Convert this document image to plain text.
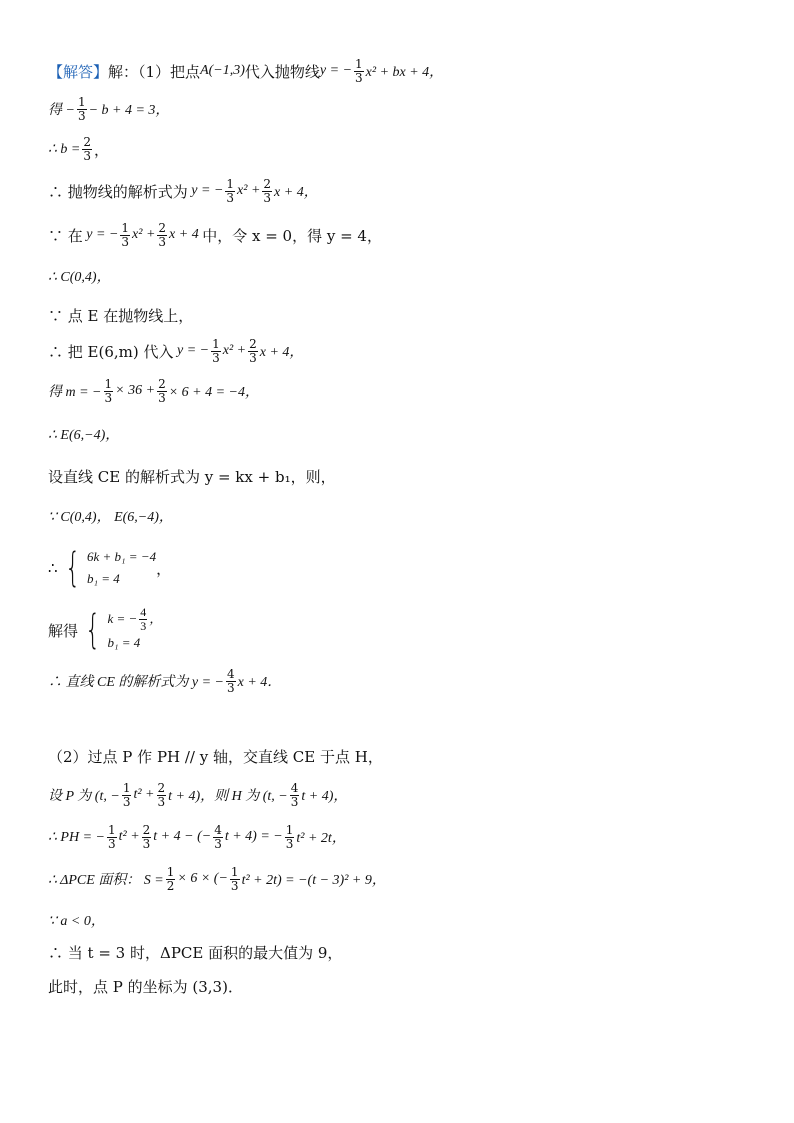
【解答】 解：（1）把点 A(−1,3) 代入抛物线 y = − $\frac{1}{3} x^2$ + bx + 4，
得 − $\frac{1}{3} - b + 4 = 3$，
∴ $b = \frac{2}{3}$ ，
∴ 抛物线的解析式为 y = − $\frac{1}{3} x^2 + \frac{2}{3}$ x + 4，
∵ 在 y = − $\frac{1}{3} x^2 + \frac{2}{3}$ x + 4 中，令 x = 0，得 y = 4，
∴ C(0,4)，
∵ 点 E 在抛物线上，
∴ 把 E(6,m) 代入 y = − $\frac{1}{3} x^2 + \frac{2}{3}$ x + 4，
得 m = − $\frac{1}{3} \times 36 + \frac{2}{3} \times 6 + 4 = -4$，
∴ E(6,−4)，
设直线 CE 的解析式为 y = kx + b₁，则，
∵ C(0,4)， E(6,−4)，
∴ { 6k + b₁ = −4
b₁ = 4
，
解得 { k = − $\frac{4}{3}$ ，
b₁ = 4
∴ 直线 CE 的解析式为 y = − $\frac{4}{3}$ x + 4．
（2）过点 P 作 PH // y 轴，交直线 CE 于点 H，
设 P 为 (t, − $\frac{1}{3} t^2 + \frac{2}{3}$ t + 4)，则 H 为 (t, − $\frac{4}{3}$ t + 4)，
∴ PH = − $\frac{1}{3} t^2 + \frac{2}{3}$ t + 4 − (− $\frac{4}{3}$ t + 4) = − $\frac{1}{3} t^2 + 2t$，
∴ ΔPCE 面积： $S = \frac{1}{2} \times 6$ × (− $\frac{1}{3} t^2 + 2t) = -(t - 3)^2 + 9$，
∵ a < 0，
∴ 当 t = 3 时，ΔPCE 面积的最大值为 9，
此时，点 P 的坐标为 (3,3)．
